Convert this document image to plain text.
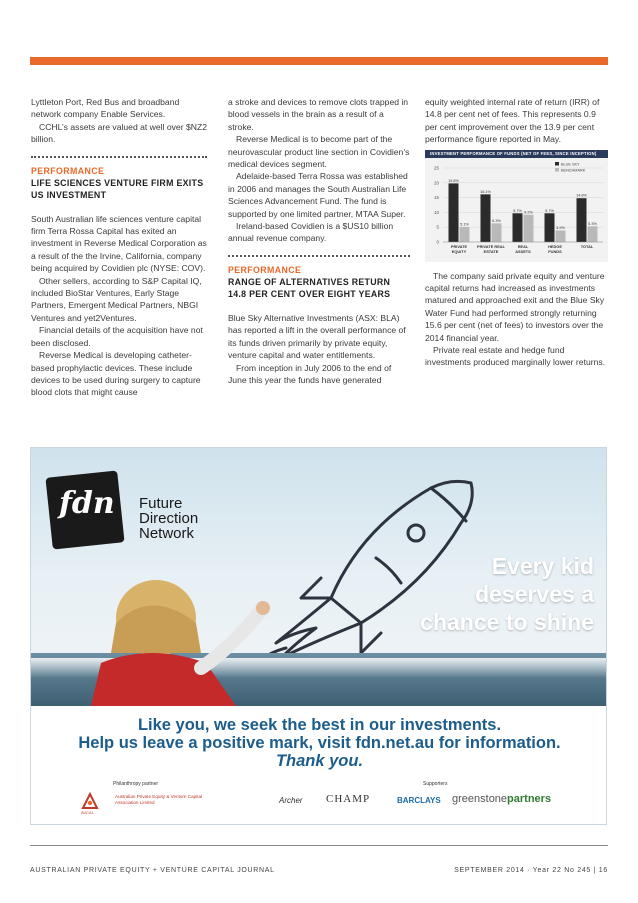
Lyttleton Port, Red Bus and broadband network company Enable Services.

CCHL’s assets are valued at well over $NZ2 billion.

PERFORMANCE
LIFE SCIENCES VENTURE FIRM EXITS US INVESTMENT

South Australian life sciences venture capital firm Terra Rossa Capital has exited an investment in Reverse Medical Corporation as a result of the the Irvine, California, company being acquired by Covidien plc (NYSE: COV).

Other sellers, according to S&P Capital IQ, included BioStar Ventures, Early Stage Partners, Emergent Medical Partners, NBGI Ventures and yet2Ventures.

Financial details of the acquisition have not been disclosed.

Reverse Medical is developing catheter-based prophylactic devices. These include devices to be used during surgery to capture blood clots that might cause

a stroke and devices to remove clots trapped in blood vessels in the brain as a result of a stroke.

Reverse Medical is to become part of the neurovascular product line section in Covidien’s medical devices segment.

Adelaide-based Terra Rossa was established in 2006 and manages the South Australian Life Sciences Advancement Fund. The fund is supported by one limited partner, MTAA Super.

Ireland-based Covidien is a $US10 billion annual revenue company.

PERFORMANCE
RANGE OF ALTERNATIVES RETURN 14.8 PER CENT OVER EIGHT YEARS

Blue Sky Alternative Investments (ASX: BLA) has reported a lift in the overall performance of its funds driven primarily by private equity, venture capital and water entitlements.

From inception in July 2006 to the end of June this year the funds have generated

equity weighted internal rate of return (IRR) of 14.8 per cent net of fees. This represents 0.9 per cent improvement over the 13.9 per cent performance figure reported in May.

INVESTMENT PERFORMANCE OF FUNDS (NET OF FEES, SINCE INCEPTION)
25
20
15
10
5
0
BLUE SKY
BENCHMARK
19.8%
5.1%
PRIVATE
EQUITY
16.1%
6.3%
PRIVATE REAL
ESTATE
9.7% 9.2%
REAL
ASSETS
9.7%
3.9%
HEDGE
FUNDS
14.8%
5.3%
TOTAL

The company said private equity and venture capital returns had increased as investments matured and approached exit and the Blue Sky Water Fund had performed strongly returning 15.6 per cent (net of fees) to investors over the 2014 financial year.

Private real estate and hedge fund investments produced marginally lower returns.

fdn Future
Direction
Network
Every kid
deserves a
chance to shine
Like you, we seek the best in our investments.
Help us leave a positive mark, visit fdn.net.au for information.
Thank you.
Philanthropy partner	Supporters
Australian Private Equity & Venture Capital Association Limited
AVCAL
Archer CHAMP	BARCLAYS greenstonepartners
AUSTRALIAN PRIVATE EQUITY + VENTURE CAPITAL JOURNAL	SEPTEMBER 2014 · Year 22 No 245 | 16
